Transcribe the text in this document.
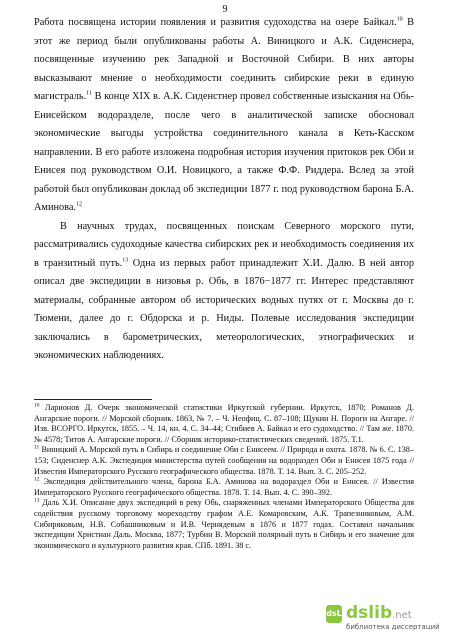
9

Работа посвящена истории появления и развития судоходства на озере Байкал.$^{10}$ В этот же период были опубликованы работы А. Виницкого и А.К. Сиденснера, посвященные изучению рек Западной и Восточной Сибири. В них авторы высказывают мнение о необходимости соединить сибирские реки в единую магистраль.$^{11}$ В конце XIX в. А.К. Сиденстнер провел собственные изыскания на Обь-Енисейском водоразделе, после чего в аналитической записке обосновал экономические выгоды устройства соединительного канала в Кеть-Касском направлении. В его работе изложена подробная история изучения притоков рек Оби и Енисея под руководством О.И. Новицкого, а также Ф.Ф. Риддера. Вслед за этой работой был опубликован доклад об экспедиции 1877 г. под руководством барона Б.А. Аминова.$^{12}$

В научных трудах, посвященных поискам Северного морского пути, рассматривались судоходные качества сибирских рек и необходимость соединения их в транзитный путь.$^{13}$ Одна из первых работ принадлежит Х.И. Далю. В ней автор описал две экспедиции в низовья р. Обь, в 1876−1877 гг. Интерес представляют материалы, собранные автором об исторических водных путях от г. Москвы до г. Тюмени, далее до г. Обдорска и р. Ниды. Полевые исследования экспедиции заключались в барометрических, метеорологических, этнографических и экономических наблюдениях.

$^{10}$ Ларионов Д. Очерк экономической статистики Иркутской губернии. Иркутск, 1870; Романов Д. Ангарские пороги. // Морской сборник. 1863, № 7. – Ч. Неофиц. С. 87–108; Щукин Н. Пороги на Ангаре. // Изв. ВСОРГО. Иркутск, 1855. – Ч. 14, кн. 4. С. 34–44; Стибиев А. Байкал и его судоходство. // Там же. 1870. № 4578; Титов А. Ангарские пороги. // Сборник историко-статистических сведений. 1875. Т.1.

$^{11}$ Виницкий А. Морской путь в Сибирь и соединение Оби с Енисеем. // Природа и охота. 1878. № 6. С. 138–153; Сиденснер А.К. Экспедиция министерства путей сообщения на водораздел Оби и Енисея 1875 года // Известия Императорского Русского географического общества. 1878. Т. 14. Вып. 3. С. 205–252.

$^{12}$ Экспедиция действительного члена, барона Б.А. Аминова на водораздел Оби и Енисея. // Известия Императорского Русского географического общества. 1878. Т. 14. Вып. 4. С. 390–392.

$^{13}$ Даль Х.И. Описание двух экспедиций в реку Обь, снаряженных членами Императорского Общества для содействия русскому торговому мореходству графом А.Е. Комаровским, А.К. Трапезниковым, А.М. Сибиряковым, Н.В. Собашниковым и И.В. Чернядевым в 1876 и 1877 годах. Составил начальник экспедиции Христиан Даль. Москва, 1877; Турбин В. Морской полярный путь в Сибирь и его значение для экономического и культурного развития края. СПб. 1891. 38 с.

dsL dslib.net
библиотека диссертаций
